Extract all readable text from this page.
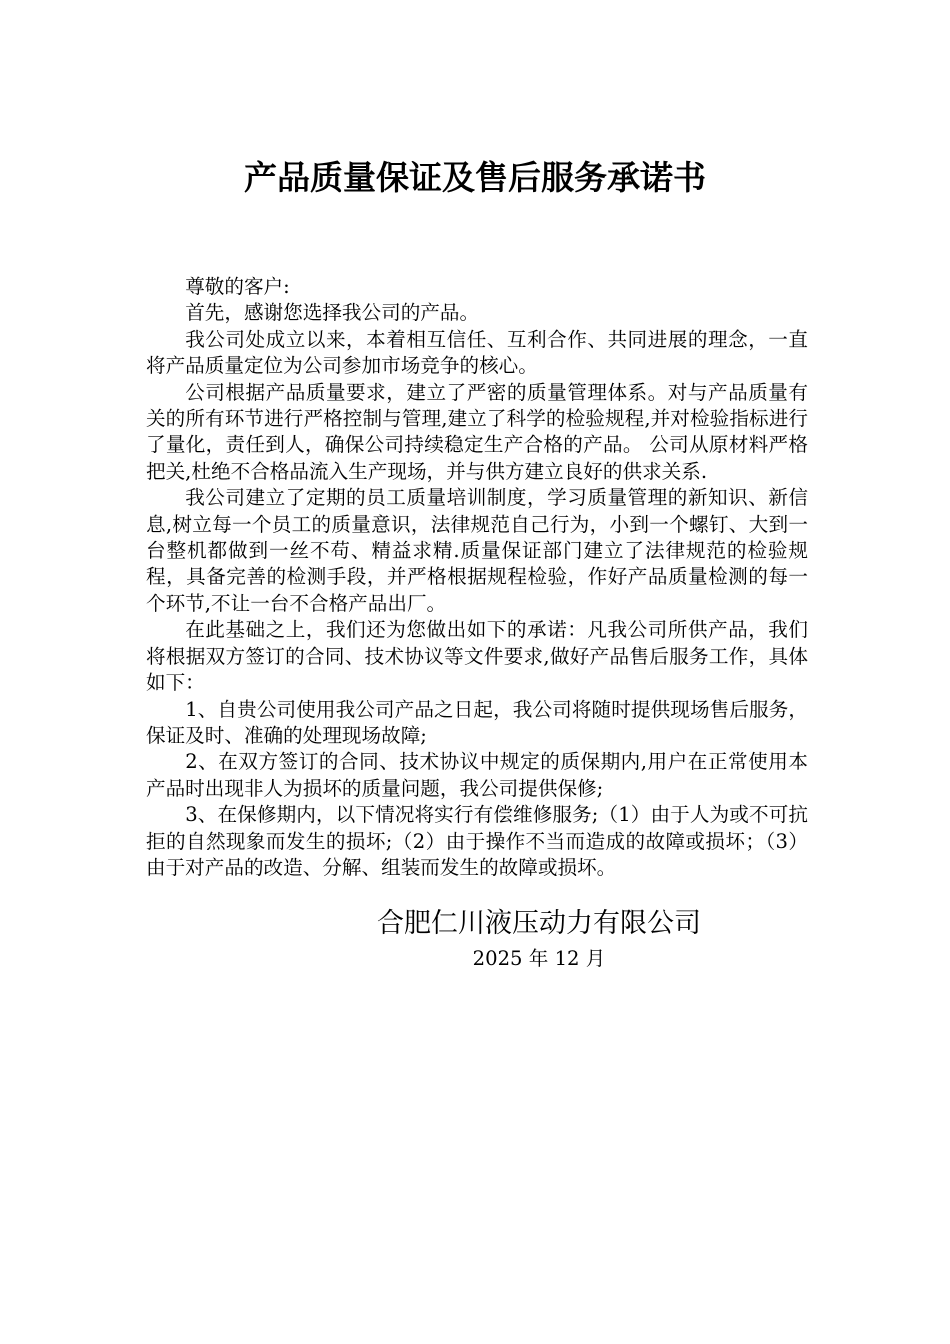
产品质量保证及售后服务承诺书

尊敬的客户:

首先，感谢您选择我公司的产品。

我公司处成立以来，本着相互信任、互利合作、共同进展的理念，一直将产品质量定位为公司参加市场竞争的核心。

公司根据产品质量要求，建立了严密的质量管理体系。对与产品质量有关的所有环节进行严格控制与管理,建立了科学的检验规程,并对检验指标进行了量化，责任到人，确保公司持续稳定生产合格的产品。 公司从原材料严格把关,杜绝不合格品流入生产现场，并与供方建立良好的供求关系.

我公司建立了定期的员工质量培训制度，学习质量管理的新知识、新信息,树立每一个员工的质量意识，法律规范自己行为，小到一个螺钉、大到一台整机都做到一丝不苟、精益求精.质量保证部门建立了法律规范的检验规程，具备完善的检测手段，并严格根据规程检验，作好产品质量检测的每一个环节,不让一台不合格产品出厂。

在此基础之上，我们还为您做出如下的承诺：凡我公司所供产品，我们将根据双方签订的合同、技术协议等文件要求,做好产品售后服务工作，具体如下：

1、自贵公司使用我公司产品之日起，我公司将随时提供现场售后服务，保证及时、准确的处理现场故障;

2、在双方签订的合同、技术协议中规定的质保期内,用户在正常使用本产品时出现非人为损坏的质量问题，我公司提供保修;

3、在保修期内，以下情况将实行有偿维修服务;（1）由于人为或不可抗拒的自然现象而发生的损坏;（2）由于操作不当而造成的故障或损坏；（3）由于对产品的改造、分解、组装而发生的故障或损坏。

合肥仁川液压动力有限公司
2025 年 12 月
